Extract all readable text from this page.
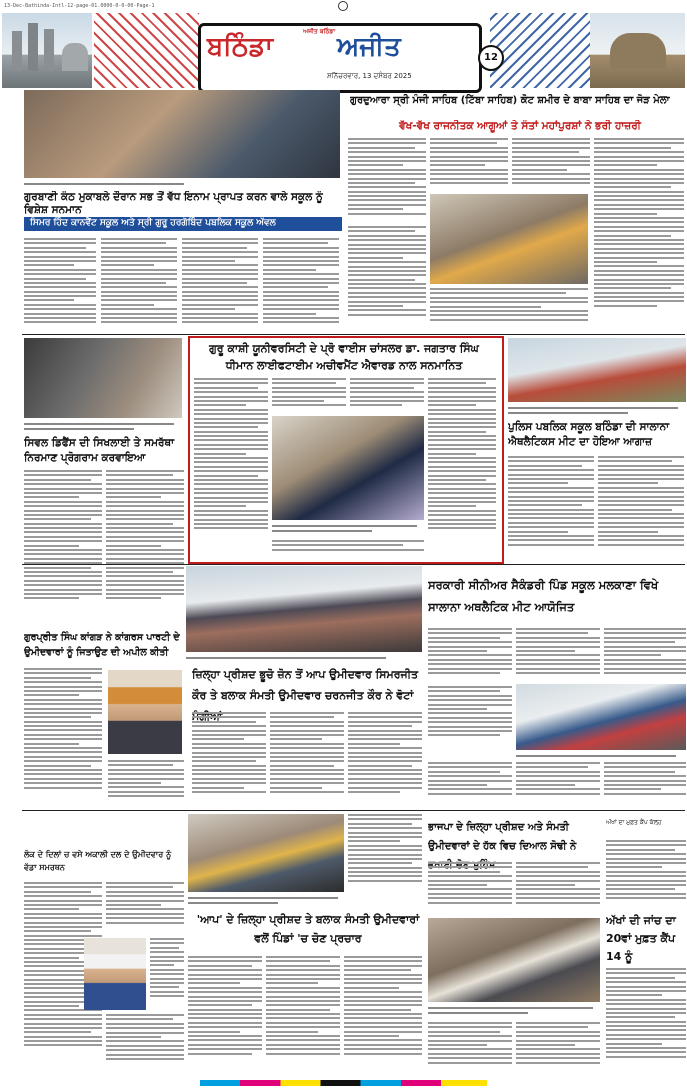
13-Dec-Bathinda-Intl-12-page-01.0000-0-0-00-Page-1
ਅਜੀਤ ਬਠਿੰਡਾ
ਬਠਿੰਡਾ ਅਜੀਤ
ਸ਼ਨਿੱਚਰਵਾਰ, 13 ਦਸੰਬਰ 2025
12
ਗੁਰਬਾਣੀ ਕੰਠ ਮੁਕਾਬਲੇ ਦੌਰਾਨ ਸਭ ਤੋਂ ਵੱਧ ਇਨਾਮ ਪ੍ਰਾਪਤ ਕਰਨ ਵਾਲੇ ਸਕੂਲ ਨੂੰ ਵਿਸ਼ੇਸ਼ ਸਨਮਾਨ
ਸਿਮਰ ਹਿੰਦ ਕਾਨਵੈਂਟ ਸਕੂਲ ਅਤੇ ਸ੍ਰੀ ਗੁਰੂ ਹਰਗੋਬਿੰਦ ਪਬਲਿਕ ਸਕੂਲ ਅੱਵਲ
ਗੁਰਦੁਆਰਾ ਸ੍ਰੀ ਮੰਜੀ ਸਾਹਿਬ (ਟਿੱਬਾ ਸਾਹਿਬ) ਕੋਟ ਸ਼ਮੀਰ ਦੇ ਬਾਬਾ ਸਾਹਿਬ ਦਾ ਜੋੜ ਮੇਲਾ
ਵੱਖ-ਵੱਖ ਰਾਜਨੀਤਕ ਆਗੂਆਂ ਤੇ ਸੰਤਾਂ ਮਹਾਂਪੁਰਸ਼ਾਂ ਨੇ ਭਰੀ ਹਾਜ਼ਰੀ
ਸਿਵਲ ਡਿਫੈਂਸ ਦੀ ਸਿਖਲਾਈ ਤੇ ਸਮਰੱਥਾ ਨਿਰਮਾਣ ਪ੍ਰੋਗਰਾਮ ਕਰਵਾਇਆ
ਗੁਰੂ ਕਾਸ਼ੀ ਯੂਨੀਵਰਸਿਟੀ ਦੇ ਪ੍ਰੋ ਵਾਈਸ ਚਾਂਸਲਰ ਡਾ. ਜਗਤਾਰ ਸਿੰਘ ਧੀਮਾਨ ਲਾਈਫਟਾਈਮ ਅਚੀਵਮੈਂਟ ਐਵਾਰਡ ਨਾਲ ਸਨਮਾਨਿਤ
ਪੁਲਿਸ ਪਬਲਿਕ ਸਕੂਲ ਬਠਿੰਡਾ ਦੀ ਸਾਲਾਨਾ ਐਥਲੈਟਿਕਸ ਮੀਟ ਦਾ ਹੋਇਆ ਆਗਾਜ਼
ਸਰਕਾਰੀ ਸੀਨੀਅਰ ਸੈਕੰਡਰੀ ਪਿੰਡ ਸਕੂਲ ਮਲਕਾਣਾ ਵਿਖੇ ਸਾਲਾਨਾ ਅਥਲੈਟਿਕ ਮੀਟ ਆਯੋਜਿਤ
ਗੁਰਪ੍ਰੀਤ ਸਿੰਘ ਕਾਂਗੜ ਨੇ ਕਾਂਗਰਸ ਪਾਰਟੀ ਦੇ ਉਮੀਦਵਾਰਾਂ ਨੂੰ ਜਿਤਾਉਣ ਦੀ ਅਪੀਲ ਕੀਤੀ
ਜ਼ਿਲ੍ਹਾ ਪ੍ਰੀਸ਼ਦ ਭੂਚੋ ਜ਼ੋਨ ਤੋਂ ਆਪ ਉਮੀਦਵਾਰ ਸਿਮਰਜੀਤ ਕੌਰ ਤੇ ਬਲਾਕ ਸੰਮਤੀ ਉਮੀਦਵਾਰ ਚਰਨਜੀਤ ਕੌਰ ਨੇ ਵੋਟਾਂ
ਲੋਕ ਦੇ ਦਿਲਾਂ ਚ ਵਸੇ ਅਕਾਲੀ ਦਲ ਦੇ ਉਮੀਦਵਾਰ ਨੂੰ ਵੱਡਾ ਸਮਰਥਨ
'ਆਪ' ਦੇ ਜ਼ਿਲ੍ਹਾ ਪ੍ਰੀਸ਼ਦ ਤੇ ਬਲਾਕ ਸੰਮਤੀ ਉਮੀਦਵਾਰਾਂ ਵਲੋਂ ਪਿੰਡਾਂ 'ਚ ਚੋਣ ਪ੍ਰਚਾਰ
ਭਾਜਪਾ ਦੇ ਜ਼ਿਲ੍ਹਾ ਪ੍ਰੀਸ਼ਦ ਅਤੇ ਸੰਮਤੀ ਉਮੀਦਵਾਰਾਂ ਦੇ ਹੱਕ ਵਿਚ ਦਿਆਲ ਸੋਢੀ ਨੇ
ਅੱਖਾਂ ਦਾ ਮੁਫ਼ਤ ਕੈਂਪ ਕੱਲ੍ਹ
ਅੱਖਾਂ ਦੀ ਜਾਂਚ ਦਾ 20ਵਾਂ ਮੁਫ਼ਤ ਕੈਂਪ 14 ਨੂੰ
